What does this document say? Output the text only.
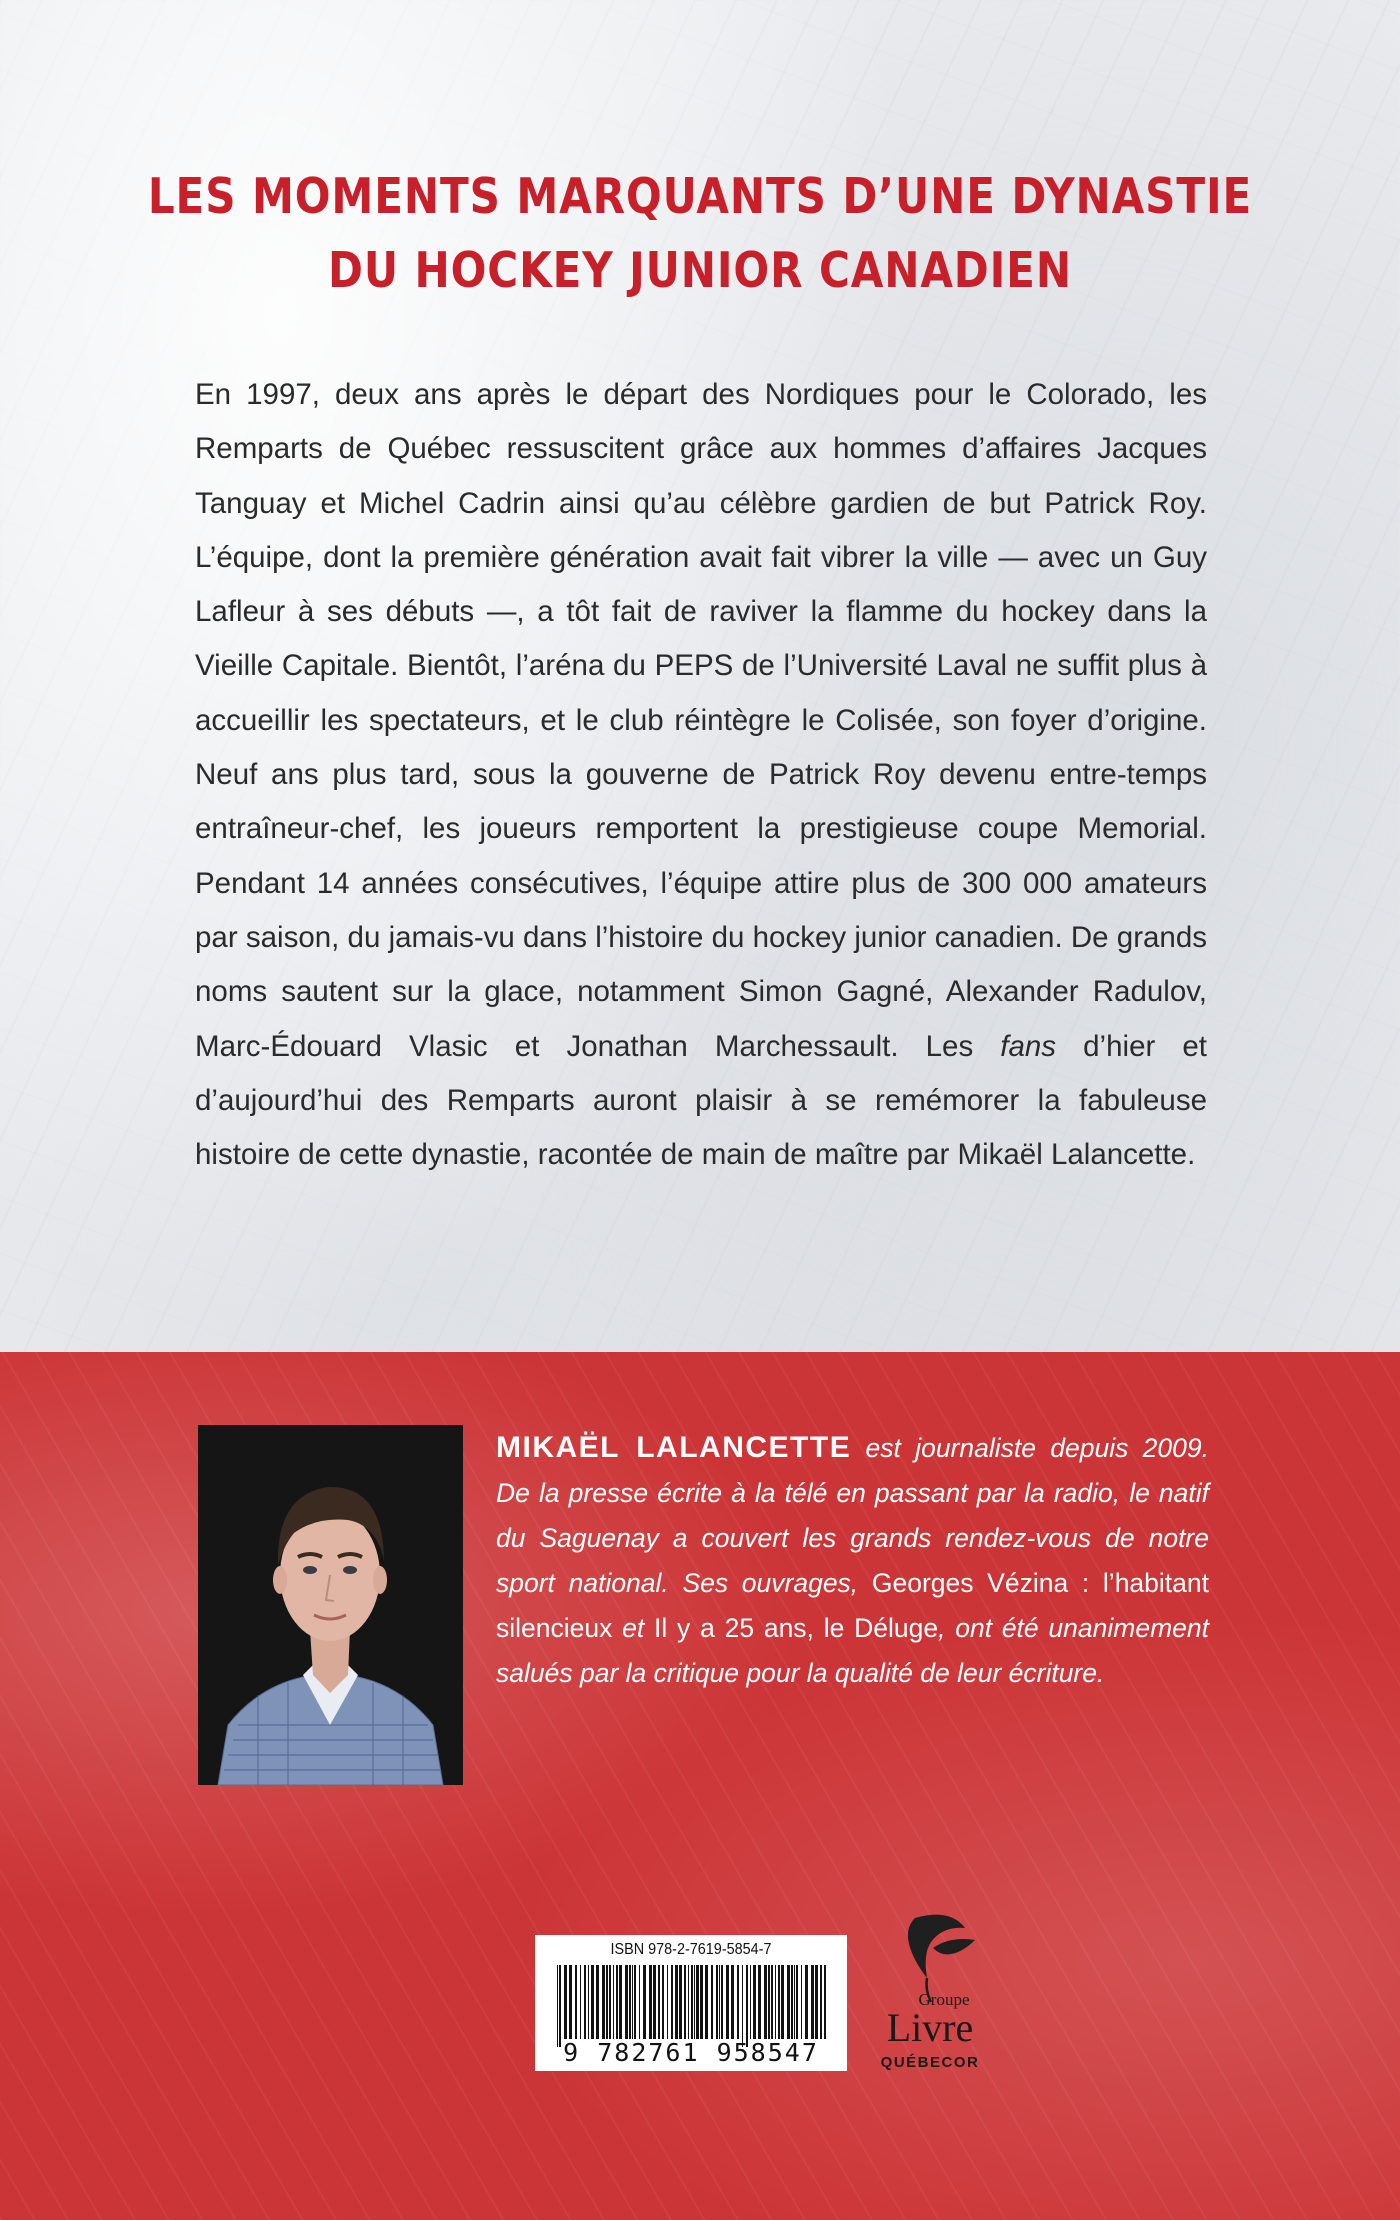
LES MOMENTS MARQUANTS D’UNE DYNASTIE
DU HOCKEY JUNIOR CANADIEN
En 1997, deux ans après le départ des Nordiques pour le Colorado, les Remparts de Québec ressuscitent grâce aux hommes d’affaires Jacques Tanguay et Michel Cadrin ainsi qu’au célèbre gardien de but Patrick Roy. L’équipe, dont la première génération avait fait vibrer la ville — avec un Guy Lafleur à ses débuts —, a tôt fait de raviver la flamme du hockey dans la Vieille Capitale. Bientôt, l’aréna du PEPS de l’Université Laval ne suffit plus à accueillir les spectateurs, et le club réintègre le Colisée, son foyer d’origine. Neuf ans plus tard, sous la gouverne de Patrick Roy devenu entre-temps entraîneur-chef, les joueurs remportent la prestigieuse coupe Memorial. Pendant 14 années consécutives, l’équipe attire plus de 300 000 amateurs par saison, du jamais-vu dans l’histoire du hockey junior canadien. De grands noms sautent sur la glace, notamment Simon Gagné, Alexander Radulov, Marc-Édouard Vlasic et Jonathan Marchessault. Les fans d’hier et d’aujourd’hui des Remparts auront plaisir à se remémorer la fabuleuse histoire de cette dynastie, racontée de main de maître par Mikaël Lalancette.
MIKAËL LALANCETTE est journaliste depuis 2009. De la presse écrite à la télé en passant par la radio, le natif du Saguenay a couvert les grands rendez-vous de notre sport national. Ses ouvrages, Georges Vézina : l’habitant silencieux et Il y a 25 ans, le Déluge, ont été unanimement salués par la critique pour la qualité de leur écriture.
ISBN 978-2-7619-5854-7
9 782761 958547
Groupe
Livre
QUÉBECOR
